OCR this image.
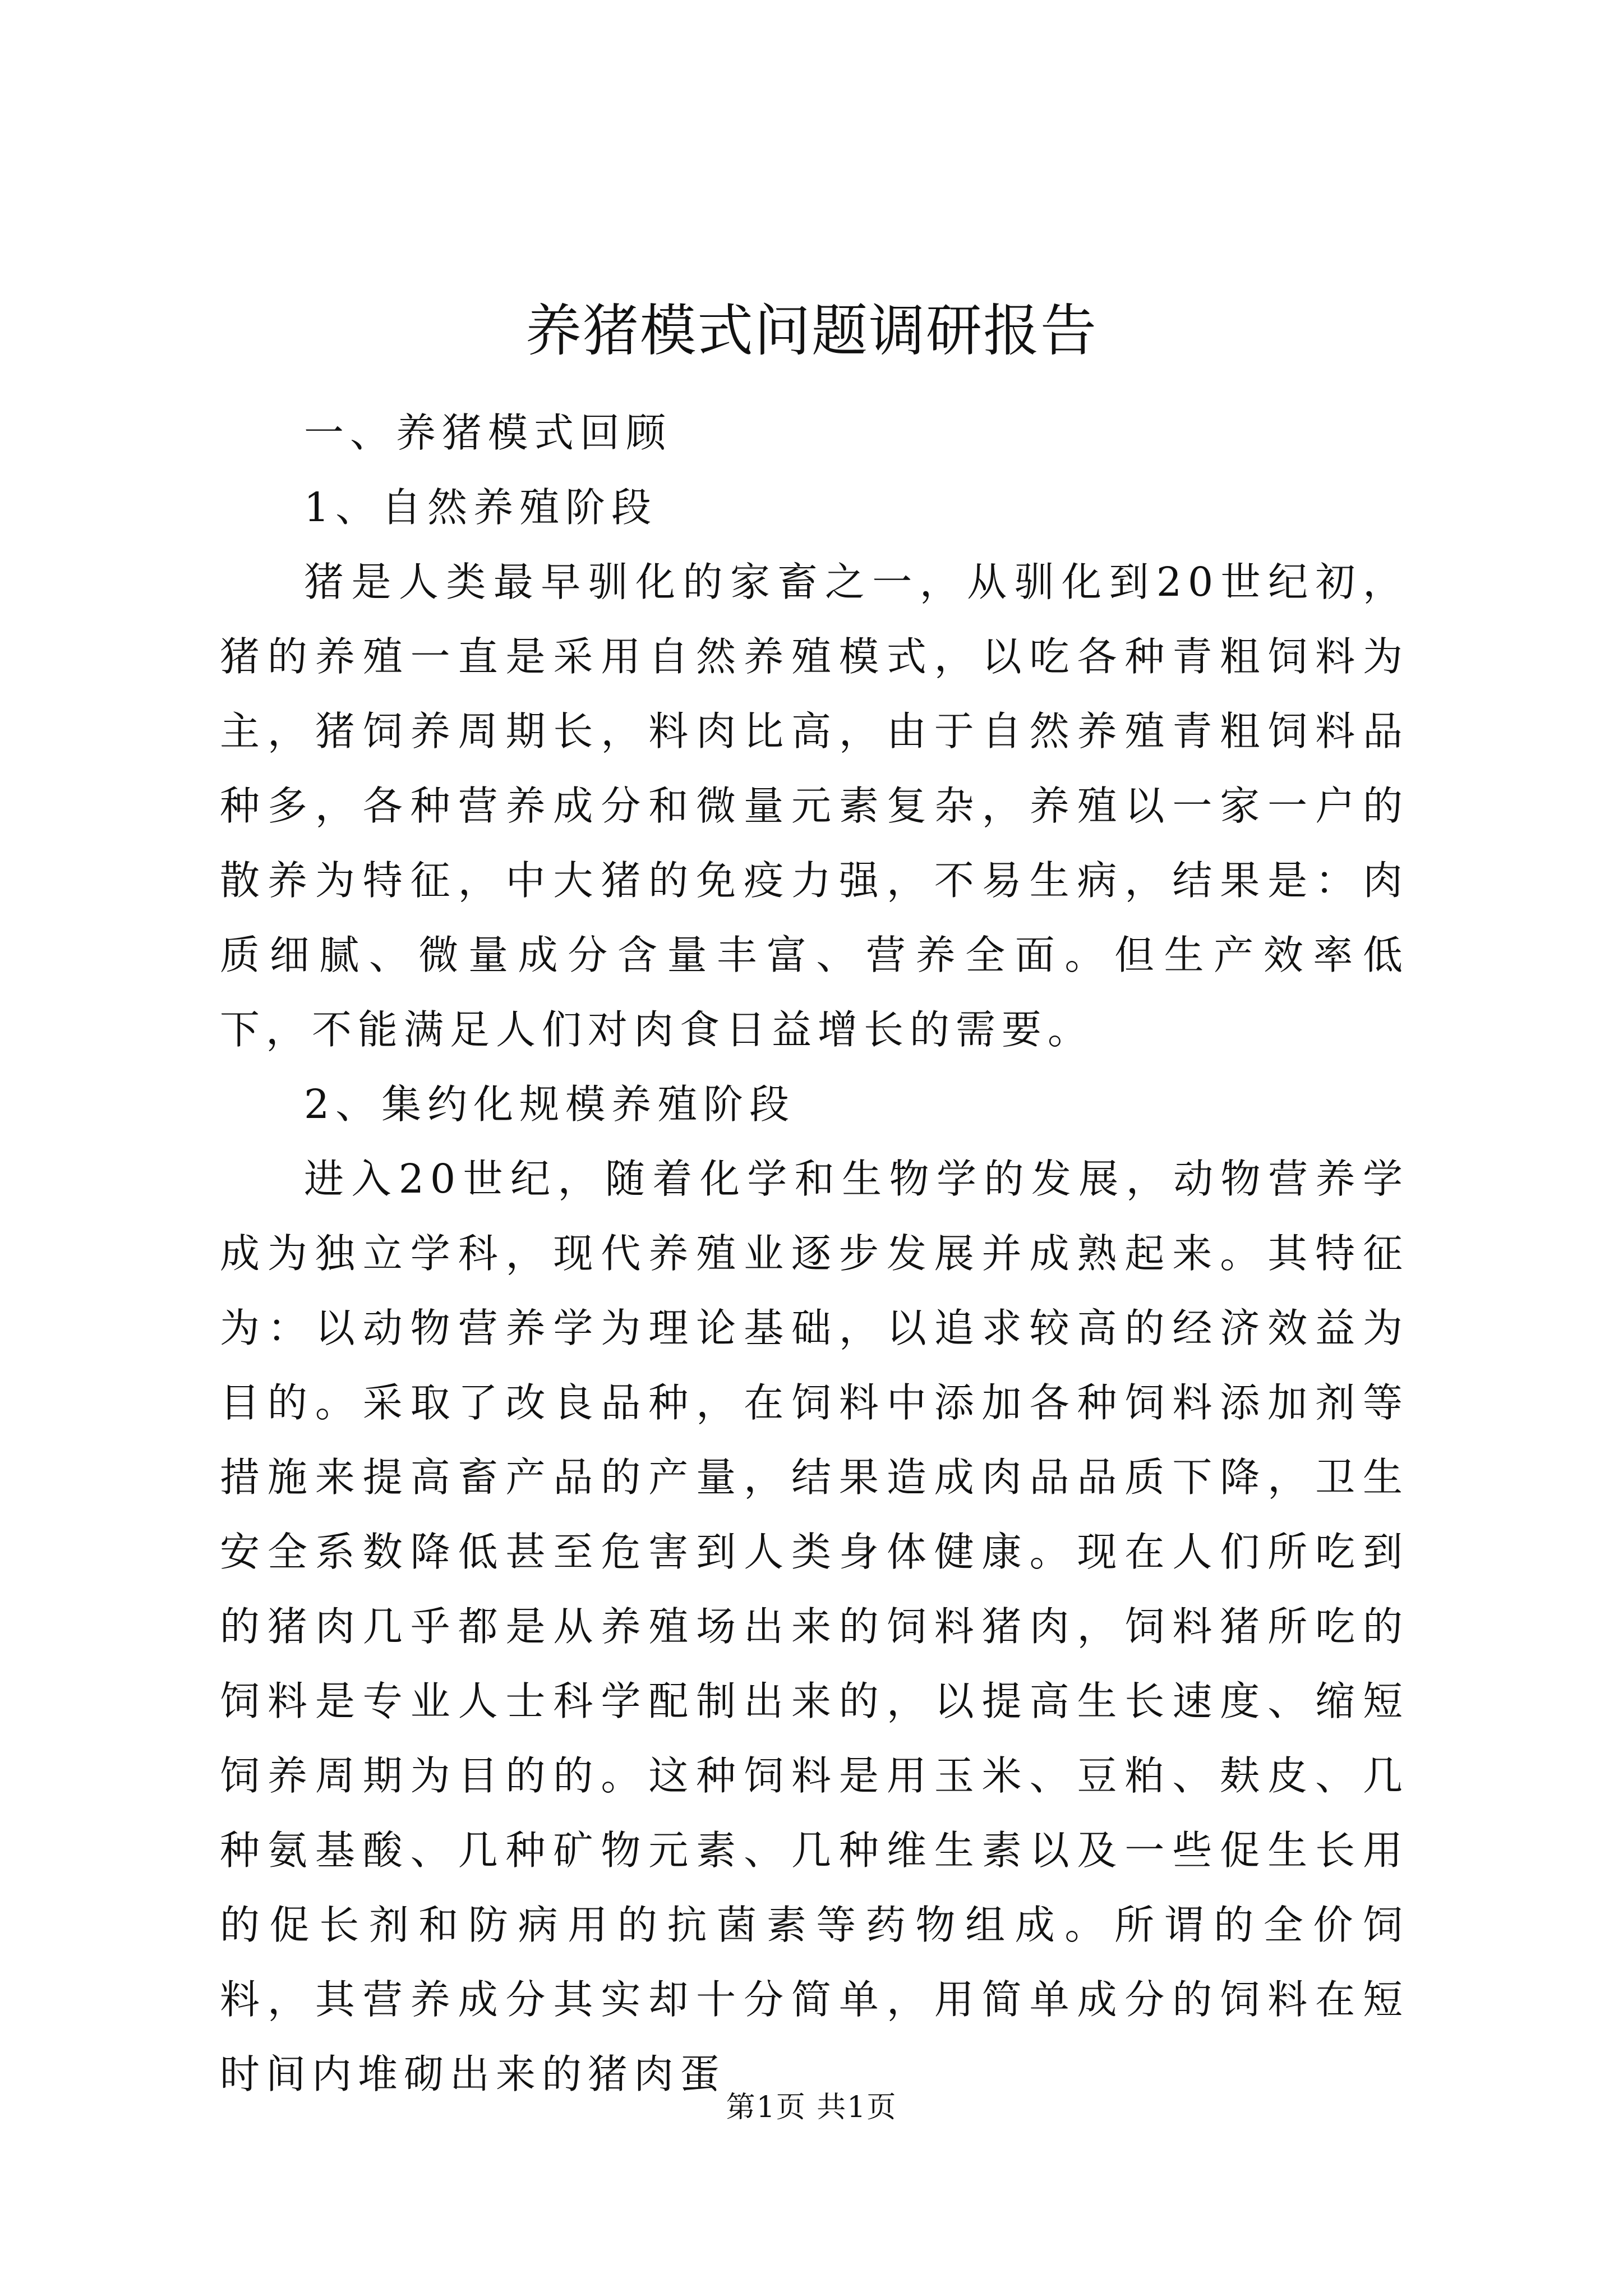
养猪模式问题调研报告

一、养猪模式回顾

1、自然养殖阶段

猪是人类最早驯化的家畜之一，从驯化到20世纪初，猪的养殖一直是采用自然养殖模式，以吃各种青粗饲料为主，猪饲养周期长，料肉比高，由于自然养殖青粗饲料品种多，各种营养成分和微量元素复杂，养殖以一家一户的散养为特征，中大猪的免疫力强，不易生病，结果是：肉质细腻、微量成分含量丰富、营养全面。但生产效率低下，不能满足人们对肉食日益增长的需要。

2、集约化规模养殖阶段

进入20世纪，随着化学和生物学的发展，动物营养学成为独立学科，现代养殖业逐步发展并成熟起来。其特征为：以动物营养学为理论基础，以追求较高的经济效益为目的。采取了改良品种，在饲料中添加各种饲料添加剂等措施来提高畜产品的产量，结果造成肉品品质下降，卫生安全系数降低甚至危害到人类身体健康。现在人们所吃到的猪肉几乎都是从养殖场出来的饲料猪肉，饲料猪所吃的饲料是专业人士科学配制出来的，以提高生长速度、缩短饲养周期为目的的。这种饲料是用玉米、豆粕、麸皮、几种氨基酸、几种矿物元素、几种维生素以及一些促生长用的促长剂和防病用的抗菌素等药物组成。所谓的全价饲料，其营养成分其实却十分简单，用简单成分的饲料在短时间内堆砌出来的猪肉蛋

第1页 共1页
